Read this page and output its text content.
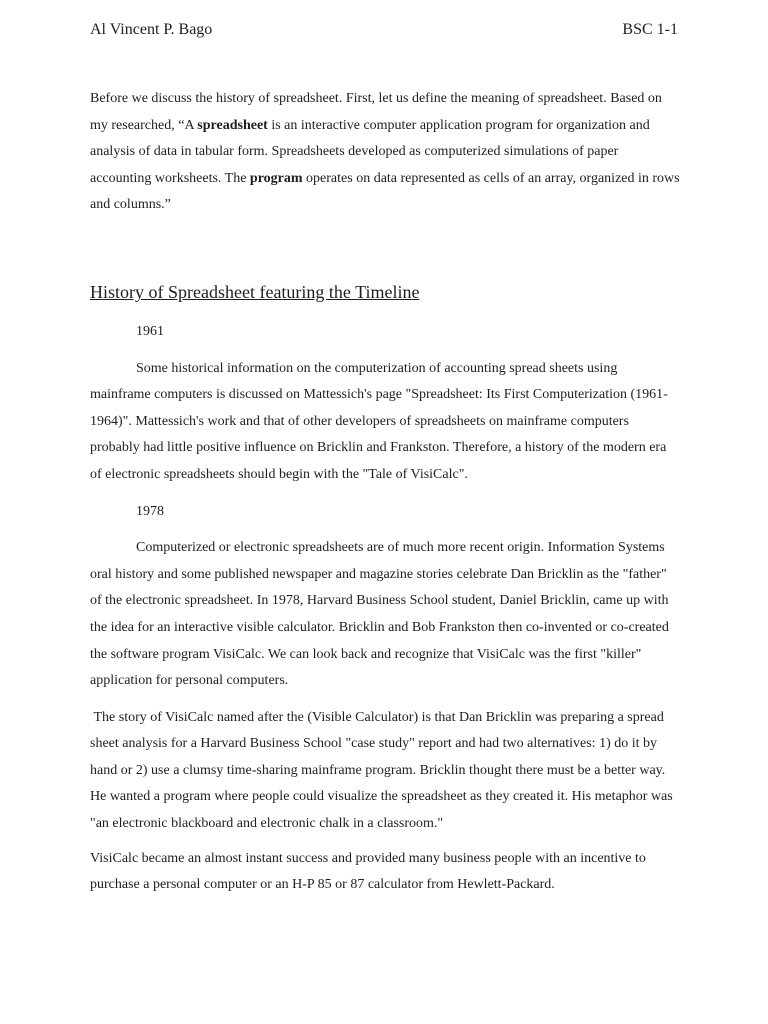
Al Vincent P. Bago	BSC 1-1

Before we discuss the history of spreadsheet. First, let us define the meaning of spreadsheet. Based on my researched, “A spreadsheet is an interactive computer application program for organization and analysis of data in tabular form. Spreadsheets developed as computerized simulations of paper accounting worksheets. The program operates on data represented as cells of an array, organized in rows and columns.”

History of Spreadsheet featuring the Timeline

1961

Some historical information on the computerization of accounting spread sheets using mainframe computers is discussed on Mattessich's page "Spreadsheet: Its First Computerization (1961-1964)". Mattessich's work and that of other developers of spreadsheets on mainframe computers probably had little positive influence on Bricklin and Frankston. Therefore, a history of the modern era of electronic spreadsheets should begin with the "Tale of VisiCalc".

1978

Computerized or electronic spreadsheets are of much more recent origin. Information Systems oral history and some published newspaper and magazine stories celebrate Dan Bricklin as the "father" of the electronic spreadsheet. In 1978, Harvard Business School student, Daniel Bricklin, came up with the idea for an interactive visible calculator. Bricklin and Bob Frankston then co-invented or co-created the software program VisiCalc. We can look back and recognize that VisiCalc was the first "killer" application for personal computers.

The story of VisiCalc named after the (Visible Calculator) is that Dan Bricklin was preparing a spread sheet analysis for a Harvard Business School "case study" report and had two alternatives: 1) do it by hand or 2) use a clumsy time-sharing mainframe program. Bricklin thought there must be a better way. He wanted a program where people could visualize the spreadsheet as they created it. His metaphor was "an electronic blackboard and electronic chalk in a classroom."

VisiCalc became an almost instant success and provided many business people with an incentive to purchase a personal computer or an H-P 85 or 87 calculator from Hewlett-Packard.
